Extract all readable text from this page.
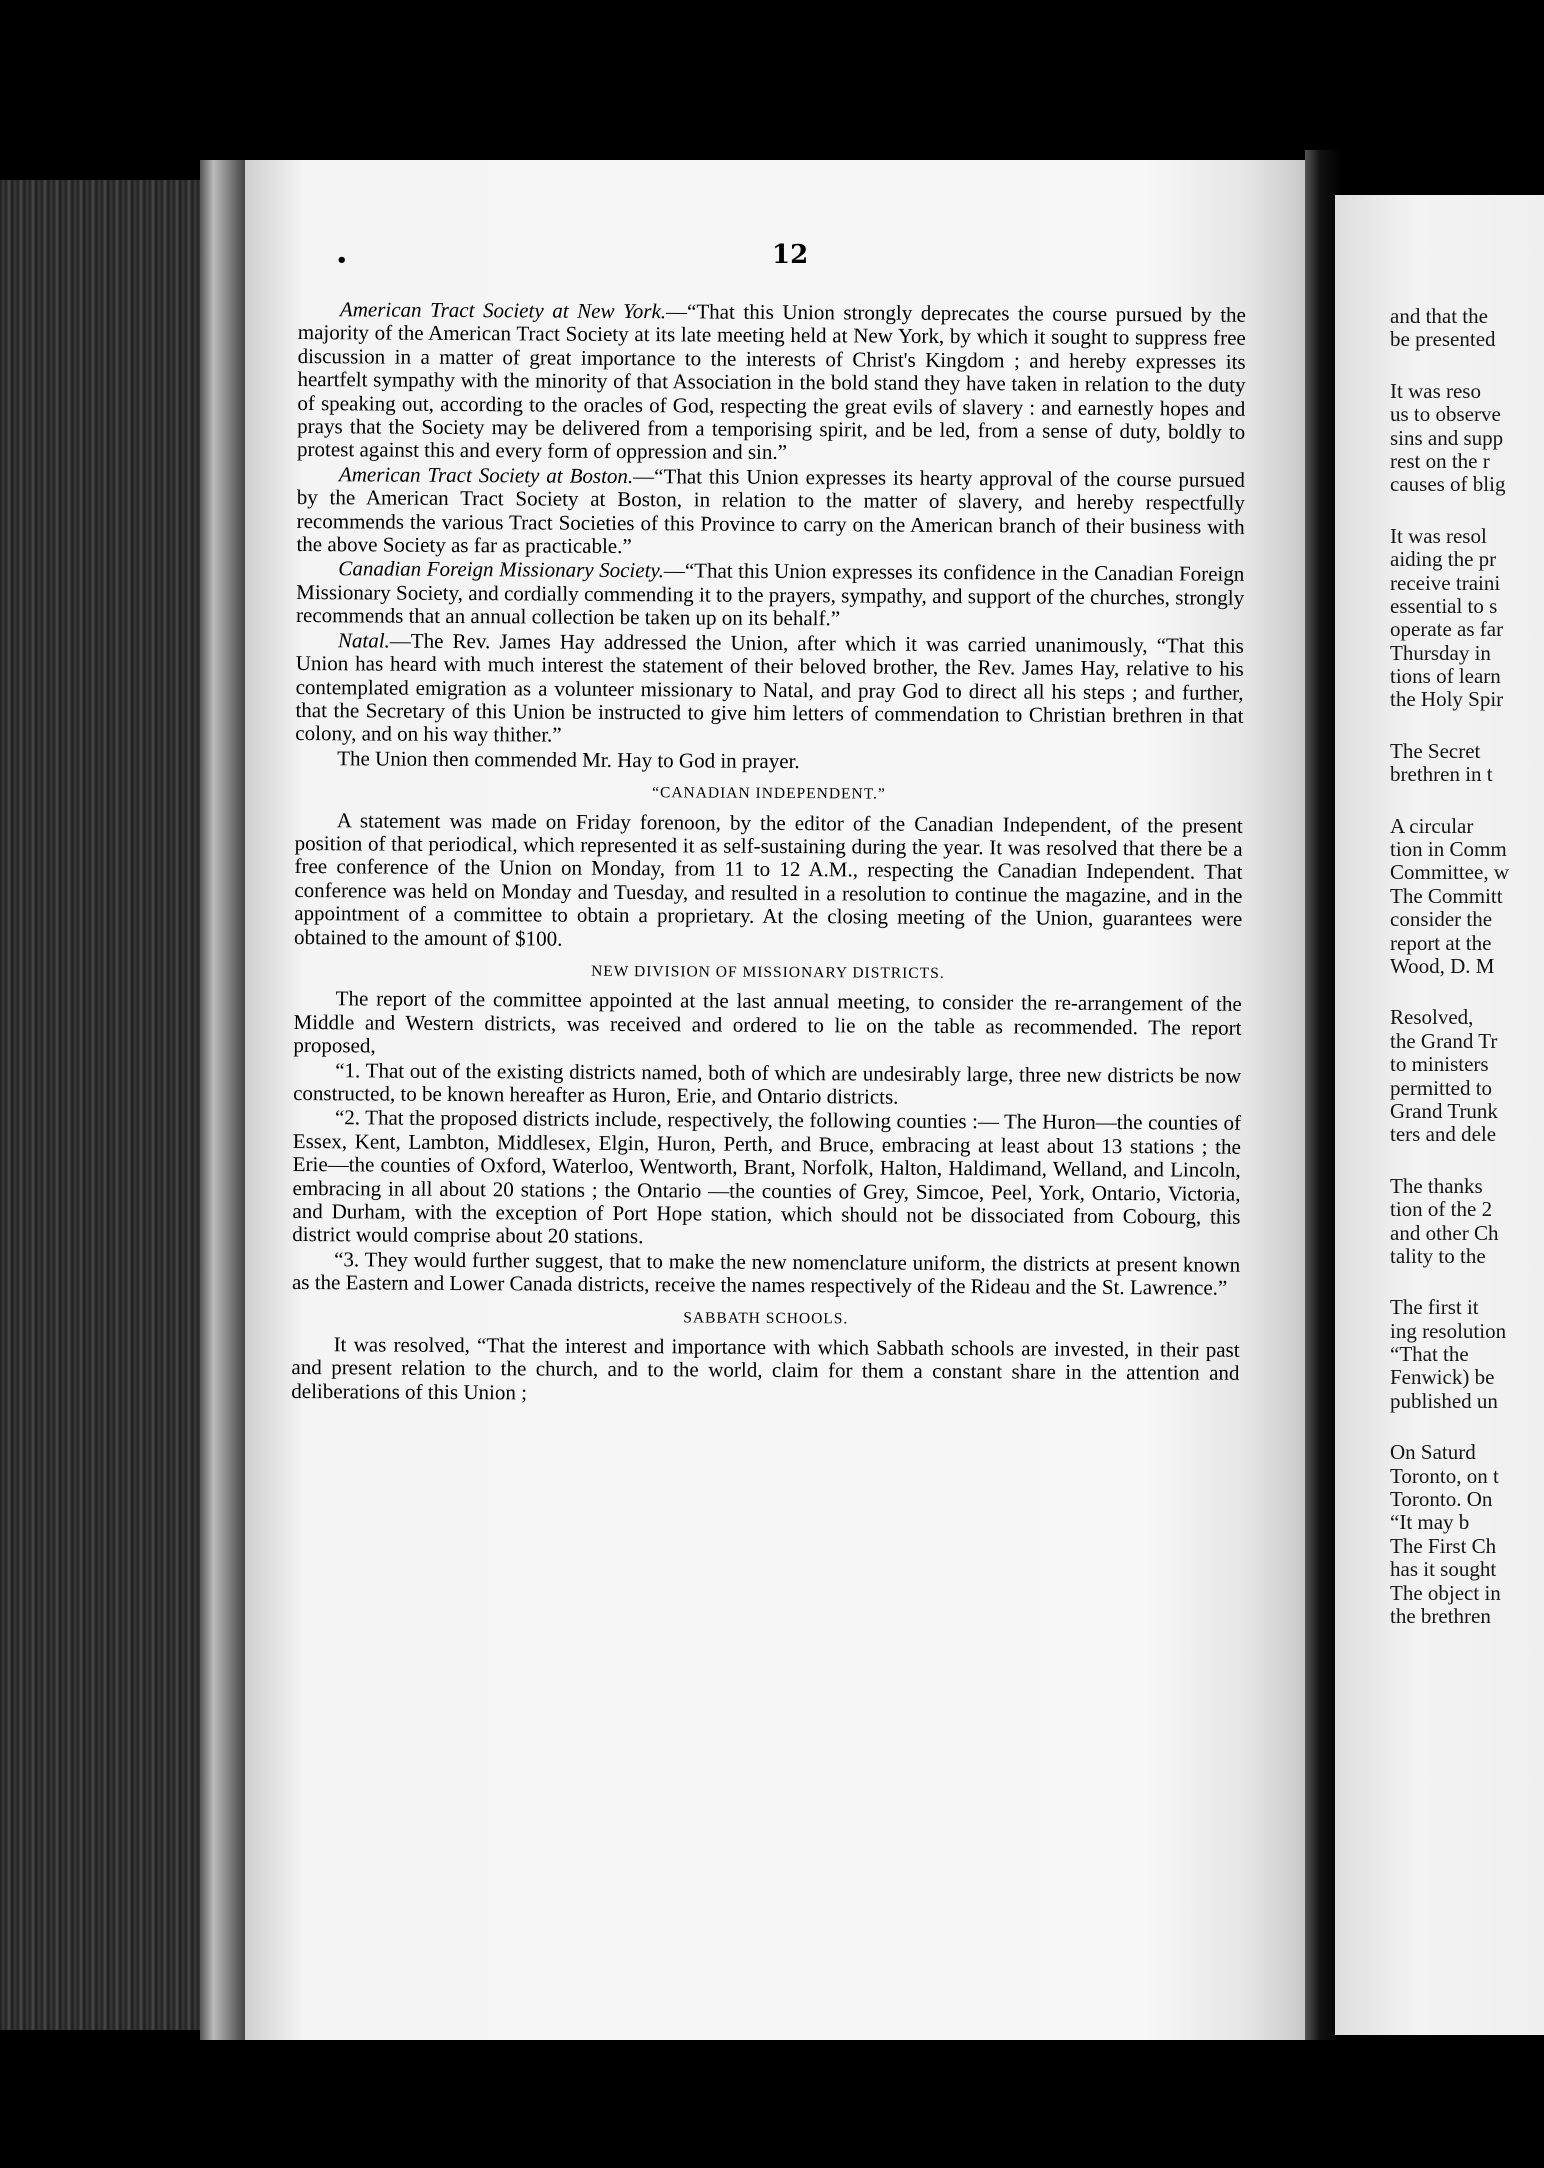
•	12

American Tract Society at New York.—“That this Union strongly deprecates the course pursued by the majority of the American Tract Society at its late meeting held at New York, by which it sought to suppress free discussion in a matter of great importance to the interests of Christ's Kingdom ; and hereby expresses its heartfelt sympathy with the minority of that Association in the bold stand they have taken in relation to the duty of speaking out, according to the oracles of God, respecting the great evils of slavery : and earnestly hopes and prays that the Society may be delivered from a temporising spirit, and be led, from a sense of duty, boldly to protest against this and every form of oppression and sin.”

American Tract Society at Boston.—“That this Union expresses its hearty approval of the course pursued by the American Tract Society at Boston, in relation to the matter of slavery, and hereby respectfully recommends the various Tract Societies of this Province to carry on the American branch of their business with the above Society as far as practicable.”

Canadian Foreign Missionary Society.—“That this Union expresses its confidence in the Canadian Foreign Missionary Society, and cordially commending it to the prayers, sympathy, and support of the churches, strongly recommends that an annual collection be taken up on its behalf.”

Natal.—The Rev. James Hay addressed the Union, after which it was carried unanimously, “That this Union has heard with much interest the statement of their beloved brother, the Rev. James Hay, relative to his contemplated emigration as a volunteer missionary to Natal, and pray God to direct all his steps ; and further, that the Secretary of this Union be instructed to give him letters of commendation to Christian brethren in that colony, and on his way thither.”

The Union then commended Mr. Hay to God in prayer.

“CANADIAN INDEPENDENT.”

A statement was made on Friday forenoon, by the editor of the Canadian Independent, of the present position of that periodical, which represented it as self-sustaining during the year. It was resolved that there be a free conference of the Union on Monday, from 11 to 12 A.M., respecting the Canadian Independent. That conference was held on Monday and Tuesday, and resulted in a resolution to continue the magazine, and in the appointment of a committee to obtain a proprietary. At the closing meeting of the Union, guarantees were obtained to the amount of $100.

NEW DIVISION OF MISSIONARY DISTRICTS.

The report of the committee appointed at the last annual meeting, to consider the re-arrangement of the Middle and Western districts, was received and ordered to lie on the table as recommended. The report proposed,

“1. That out of the existing districts named, both of which are undesirably large, three new districts be now constructed, to be known hereafter as Huron, Erie, and Ontario districts.

“2. That the proposed districts include, respectively, the following counties :— The Huron—the counties of Essex, Kent, Lambton, Middlesex, Elgin, Huron, Perth, and Bruce, embracing at least about 13 stations ; the Erie—the counties of Oxford, Waterloo, Wentworth, Brant, Norfolk, Halton, Haldimand, Welland, and Lincoln, embracing in all about 20 stations ; the Ontario —the counties of Grey, Simcoe, Peel, York, Ontario, Victoria, and Durham, with the exception of Port Hope station, which should not be dissociated from Cobourg, this district would comprise about 20 stations.

“3. They would further suggest, that to make the new nomenclature uniform, the districts at present known as the Eastern and Lower Canada districts, receive the names respectively of the Rideau and the St. Lawrence.”

SABBATH SCHOOLS.

It was resolved, “That the interest and importance with which Sabbath schools are invested, in their past and present relation to the church, and to the world, claim for them a constant share in the attention and deliberations of this Union ;

and that the
be presented
It was reso
us to observe
sins and supp
rest on the r
causes of blig
It was resol
aiding the pr
receive traini
essential to s
operate as far
Thursday in
tions of learn
the Holy Spir
The Secret
brethren in t
A circular
tion in Comm
Committee, w
The Committ
consider the
report at the
Wood, D. M
Resolved,
the Grand Tr
to ministers
permitted to
Grand Trunk
ters and dele
The thanks
tion of the 2
and other Ch
tality to the
The first it
ing resolution
“That the
Fenwick) be
published un
On Saturd
Toronto, on t
Toronto. On
“It may b
The First Ch
has it sought
The object in
the brethren
